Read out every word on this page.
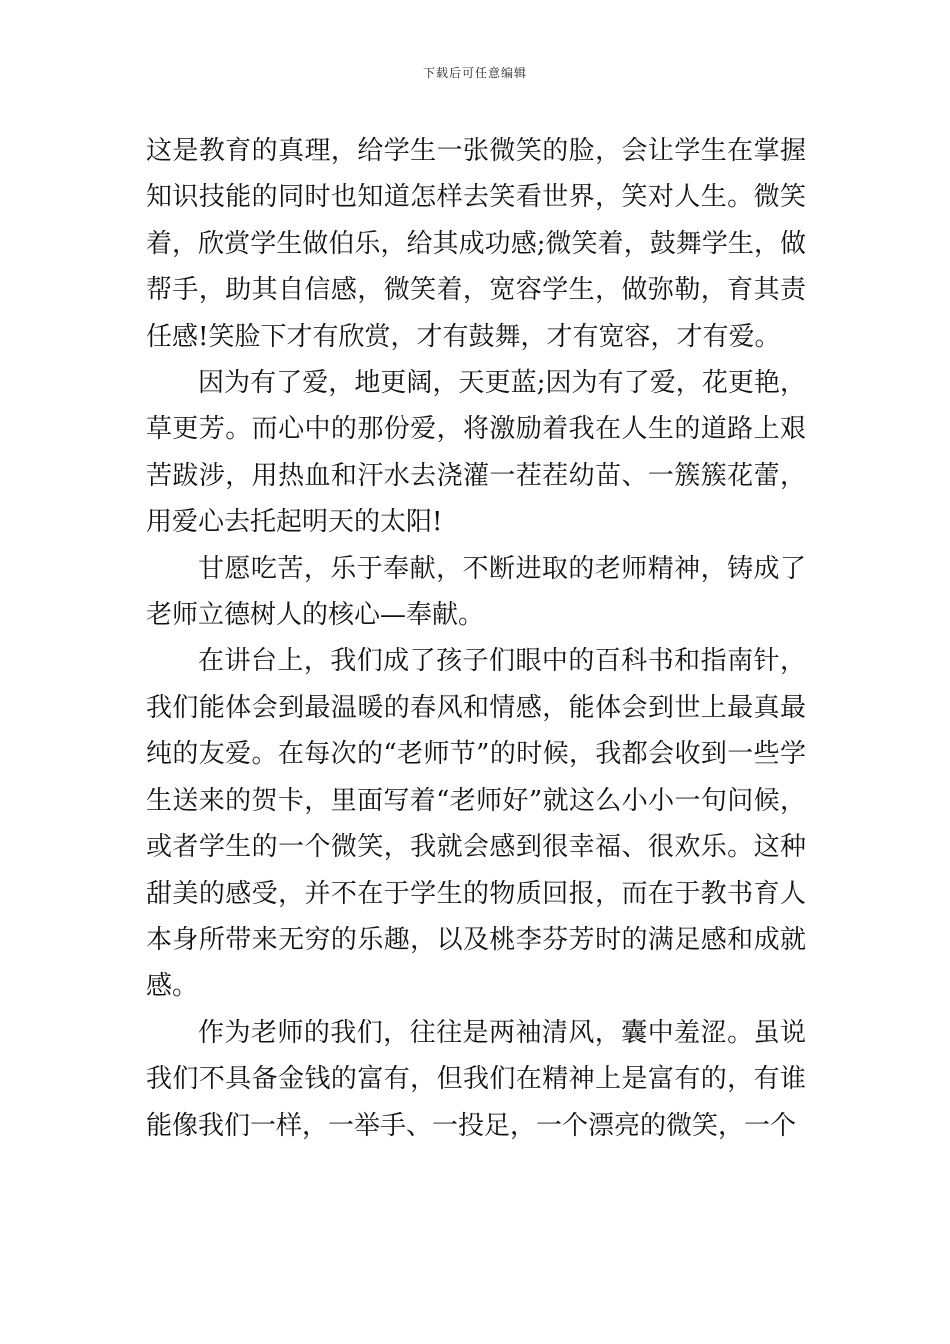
下载后可任意编辑

这是教育的真理，给学生一张微笑的脸，会让学生在掌握知识技能的同时也知道怎样去笑看世界，笑对人生。微笑着，欣赏学生做伯乐，给其成功感;微笑着，鼓舞学生，做帮手，助其自信感，微笑着，宽容学生，做弥勒，育其责任感!笑脸下才有欣赏，才有鼓舞，才有宽容，才有爱。

因为有了爱，地更阔，天更蓝;因为有了爱，花更艳，草更芳。而心中的那份爱，将激励着我在人生的道路上艰苦跋涉，用热血和汗水去浇灌一茬茬幼苗、一簇簇花蕾，用爱心去托起明天的太阳!

甘愿吃苦，乐于奉献，不断进取的老师精神，铸成了老师立德树人的核心—奉献。

在讲台上，我们成了孩子们眼中的百科书和指南针，我们能体会到最温暖的春风和情感，能体会到世上最真最纯的友爱。在每次的“老师节”的时候，我都会收到一些学生送来的贺卡，里面写着“老师好”就这么小小一句问候，或者学生的一个微笑，我就会感到很幸福、很欢乐。这种甜美的感受，并不在于学生的物质回报，而在于教书育人本身所带来无穷的乐趣，以及桃李芬芳时的满足感和成就感。

作为老师的我们，往往是两袖清风，囊中羞涩。虽说我们不具备金钱的富有，但我们在精神上是富有的，有谁能像我们一样，一举手、一投足，一个漂亮的微笑，一个
